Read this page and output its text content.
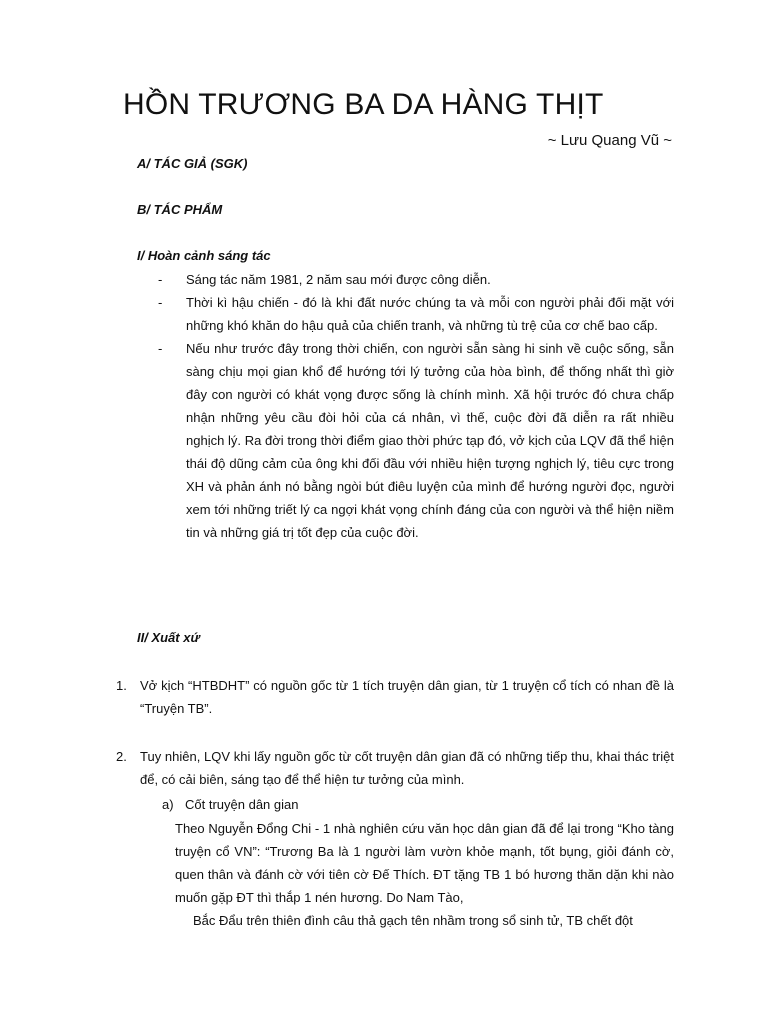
HỒN TRƯƠNG BA DA HÀNG THỊT
~ Lưu Quang Vũ ~
A/ TÁC GIẢ (SGK)
B/ TÁC PHẨM
I/ Hoàn cảnh sáng tác
- Sáng tác năm 1981, 2 năm sau mới được công diễn.
- Thời kì hậu chiến - đó là khi đất nước chúng ta và mỗi con người phải đối mặt với những khó khăn do hậu quả của chiến tranh, và những tù trệ của cơ chế bao cấp.
- Nếu như trước đây trong thời chiến, con người sẵn sàng hi sinh về cuộc sống, sẵn sàng chịu mọi gian khổ để hướng tới lý tưởng của hòa bình, để thống nhất thì giờ đây con người có khát vọng được sống là chính mình. Xã hội trước đó chưa chấp nhận những yêu cầu đòi hỏi của cá nhân, vì thế, cuộc đời đã diễn ra rất nhiều nghịch lý. Ra đời trong thời điểm giao thời phức tạp đó, vở kịch của LQV đã thể hiện thái độ dũng cảm của ông khi đối đầu với nhiều hiện tượng nghịch lý, tiêu cực trong XH và phản ánh nó bằng ngòi bút điêu luyện của mình để hướng người đọc, người xem tới những triết lý ca ngợi khát vọng chính đáng của con người và thể hiện niềm tin và những giá trị tốt đẹp của cuộc đời.
II/ Xuất xứ
1. Vở kịch “HTBDHT” có nguồn gốc từ 1 tích truyện dân gian, từ 1 truyện cổ tích có nhan đề là “Truyện TB”.
2. Tuy nhiên, LQV khi lấy nguồn gốc từ cốt truyện dân gian đã có những tiếp thu, khai thác triệt để, có cải biên, sáng tạo để thể hiện tư tưởng của mình.
a) Cốt truyện dân gian
Theo Nguyễn Đổng Chi - 1 nhà nghiên cứu văn học dân gian đã để lại trong “Kho tàng truyện cổ VN”: “Trương Ba là 1 người làm vườn khỏe mạnh, tốt bụng, giỏi đánh cờ, quen thân và đánh cờ với tiên cờ Đế Thích. ĐT tặng TB 1 bó hương thăn dặn khi nào muốn gặp ĐT thì thắp 1 nén hương. Do Nam Tào,
Bắc Đẩu trên thiên đình câu thả gạch tên nhầm trong sổ sinh tử, TB chết đột
